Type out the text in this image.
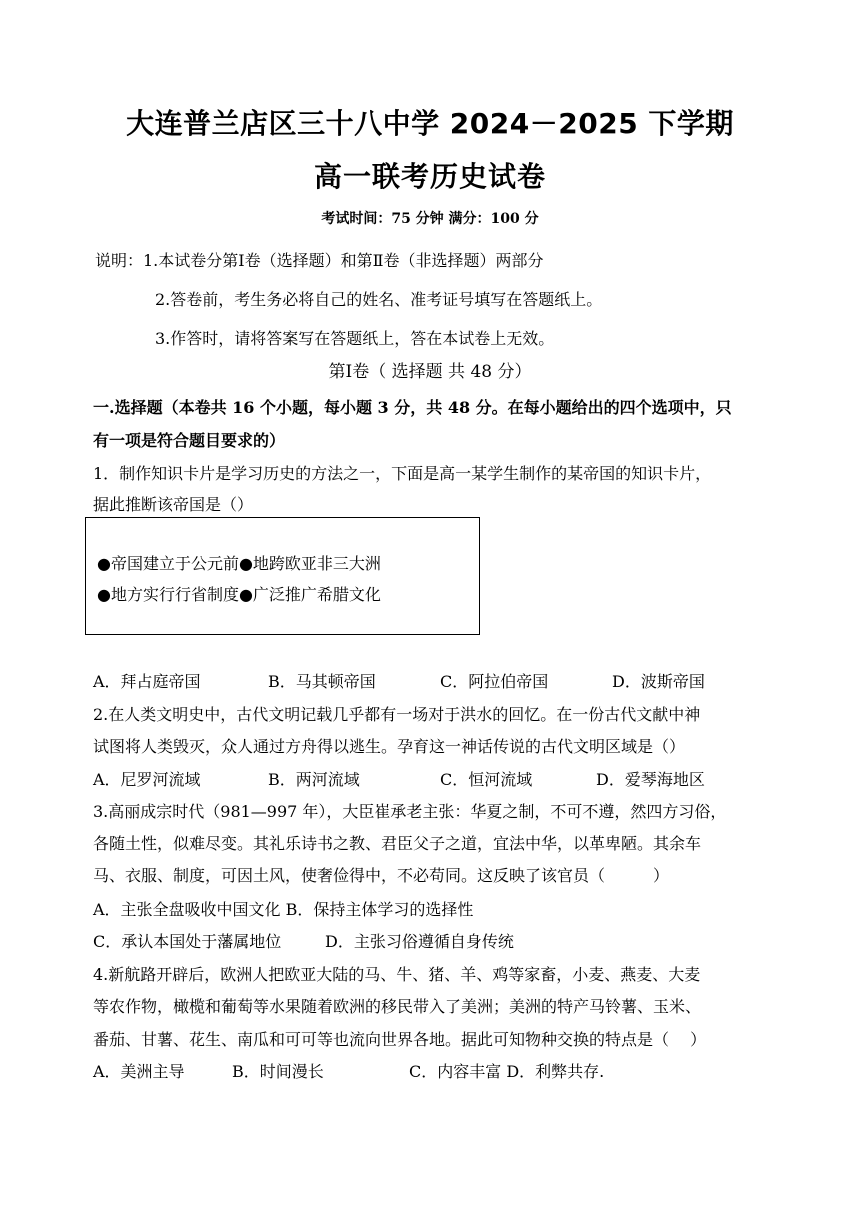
大连普兰店区三十八中学 2024－2025 下学期
高一联考历史试卷
考试时间：75 分钟 满分：100 分
说明：1.本试卷分第Ⅰ卷（选择题）和第Ⅱ卷（非选择题）两部分
2.答卷前，考生务必将自己的姓名、准考证号填写在答题纸上。
3.作答时，请将答案写在答题纸上，答在本试卷上无效。
第Ⅰ卷（ 选择题 共 48 分）
一.选择题（本卷共 16 个小题，每小题 3 分，共 48 分。在每小题给出的四个选项中，只
有一项是符合题目要求的）
1．制作知识卡片是学习历史的方法之一，下面是高一某学生制作的某帝国的知识卡片，
据此推断该帝国是（）
●帝国建立于公元前●地跨欧亚非三大洲
●地方实行行省制度●广泛推广希腊文化
A．拜占庭帝国	B．马其顿帝国	C．阿拉伯帝国	D．波斯帝国
2.在人类文明史中，古代文明记载几乎都有一场对于洪水的回忆。在一份古代文献中神
试图将人类毁灭，众人通过方舟得以逃生。孕育这一神话传说的古代文明区域是（）
A．尼罗河流域	B．两河流域	C．恒河流域	D．爱琴海地区
3.高丽成宗时代（981—997 年），大臣崔承老主张：华夏之制，不可不遵，然四方习俗，
各随土性，似难尽变。其礼乐诗书之教、君臣父子之道，宜法中华，以革卑陋。其余车
马、衣服、制度，可因土风，使奢俭得中，不必苟同。这反映了该官员（　　　）
A．主张全盘吸收中国文化 B．保持主体学习的选择性
C．承认本国处于藩属地位	D．主张习俗遵循自身传统
4.新航路开辟后，欧洲人把欧亚大陆的马、牛、猪、羊、鸡等家畜，小麦、燕麦、大麦
等农作物，橄榄和葡萄等水果随着欧洲的移民带入了美洲；美洲的特产马铃薯、玉米、
番茄、甘薯、花生、南瓜和可可等也流向世界各地。据此可知物种交换的特点是（　 ）
A．美洲主导	B．时间漫长	C．内容丰富 D．利弊共存.
